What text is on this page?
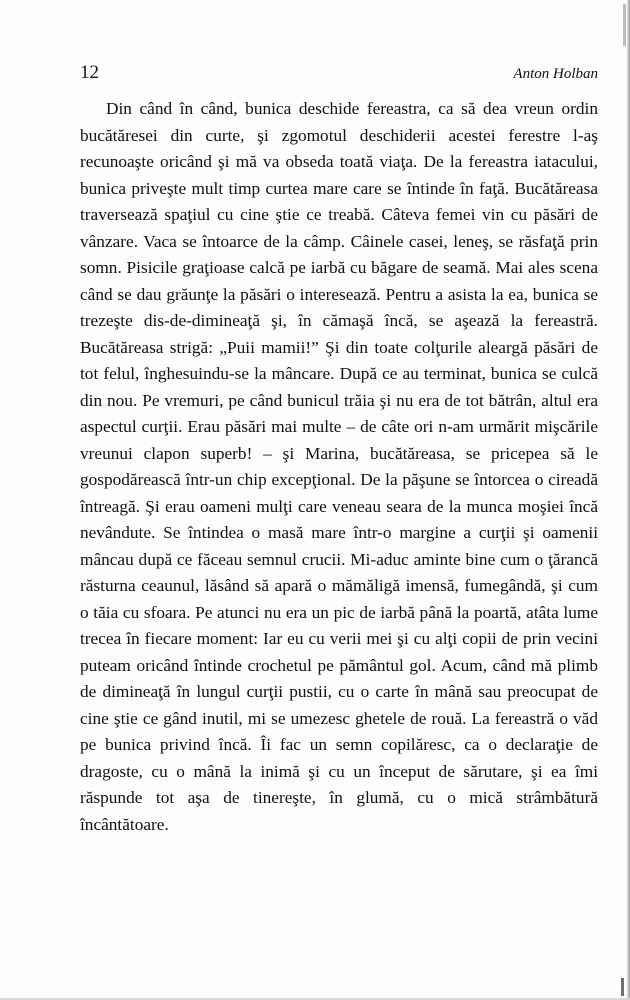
12	Anton Holban

Din când în când, bunica deschide fereastra, ca să dea vreun ordin bucătăresei din curte, şi zgomotul deschiderii acestei ferestre l-aş recunoaşte oricând şi mă va obseda toată viaţa. De la fereastra iatacului, bunica priveşte mult timp curtea mare care se întinde în faţă. Bucătăreasa traversează spaţiul cu cine ştie ce treabă. Câteva femei vin cu păsări de vânzare. Vaca se întoarce de la câmp. Câinele casei, leneş, se răsfaţă prin somn. Pisicile graţioase calcă pe iarbă cu băgare de seamă. Mai ales scena când se dau grăunţe la păsări o interesează. Pentru a asista la ea, bunica se trezeşte dis-de-dimineaţă şi, în cămaşă încă, se aşează la fereastră. Bucătăreasa strigă: „Puii mamii!” Şi din toate colţurile aleargă păsări de tot felul, înghesuindu-se la mâncare. După ce au terminat, bunica se culcă din nou. Pe vremuri, pe când bunicul trăia şi nu era de tot bătrân, altul era aspectul curţii. Erau păsări mai multe – de câte ori n-am urmărit mişcările vreunui clapon superb! – şi Marina, bucătăreasa, se pricepea să le gospodărească într-un chip excepţional. De la păşune se întorcea o cireadă întreagă. Şi erau oameni mulţi care veneau seara de la munca moşiei încă nevândute. Se întindea o masă mare într-o margine a curţii şi oamenii mâncau după ce făceau semnul crucii. Mi-aduc aminte bine cum o ţărancă răsturna ceaunul, lăsând să apară o mămăligă imensă, fumegândă, şi cum o tăia cu sfoara. Pe atunci nu era un pic de iarbă până la poartă, atâta lume trecea în fiecare moment: Iar eu cu verii mei şi cu alţi copii de prin vecini puteam oricând întinde crochetul pe pământul gol. Acum, când mă plimb de dimineaţă în lungul curţii pustii, cu o carte în mână sau preocupat de cine ştie ce gând inutil, mi se umezesc ghetele de rouă. La fereastră o văd pe bunica privind încă. Îi fac un semn copilăresc, ca o declaraţie de dragoste, cu o mână la inimă şi cu un început de sărutare, şi ea îmi răspunde tot aşa de tinereşte, în glumă, cu o mică strâmbătură încântătoare.
